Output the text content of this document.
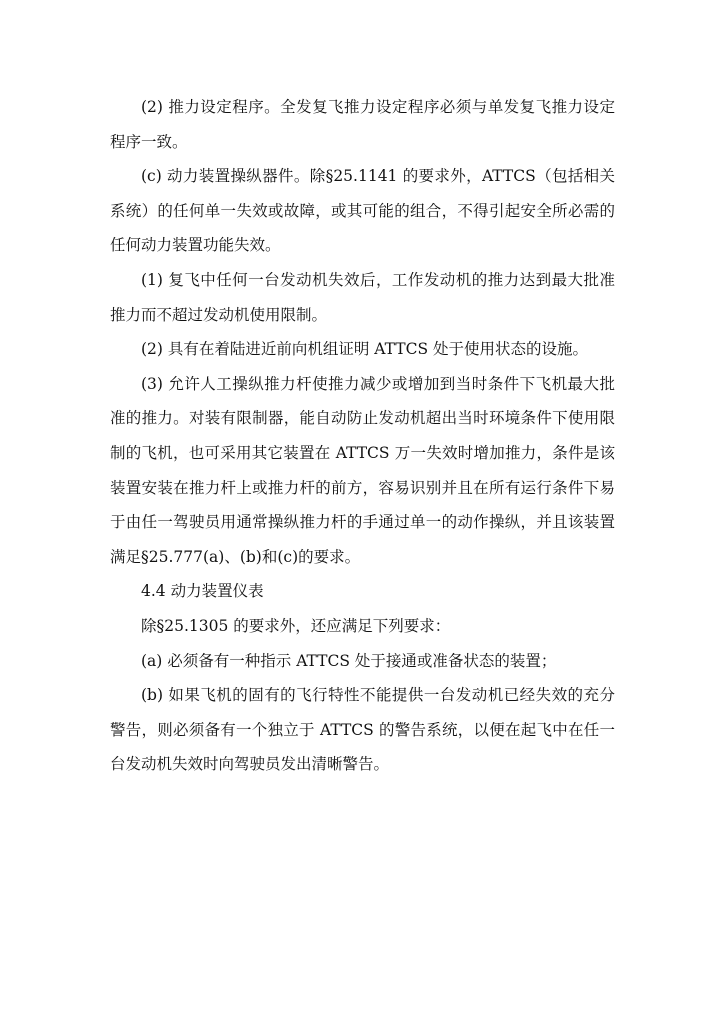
(2) 推力设定程序。全发复飞推力设定程序必须与单发复飞推力设定程序一致。

(c) 动力装置操纵器件。除§25.1141 的要求外，ATTCS（包括相关系统）的任何单一失效或故障，或其可能的组合，不得引起安全所必需的任何动力装置功能失效。

(1) 复飞中任何一台发动机失效后，工作发动机的推力达到最大批准推力而不超过发动机使用限制。

(2) 具有在着陆进近前向机组证明 ATTCS 处于使用状态的设施。

(3) 允许人工操纵推力杆使推力减少或增加到当时条件下飞机最大批准的推力。对装有限制器，能自动防止发动机超出当时环境条件下使用限制的飞机，也可采用其它装置在 ATTCS 万一失效时增加推力，条件是该装置安装在推力杆上或推力杆的前方，容易识别并且在所有运行条件下易于由任一驾驶员用通常操纵推力杆的手通过单一的动作操纵，并且该装置满足§25.777(a)、(b)和(c)的要求。

4.4 动力装置仪表

除§25.1305 的要求外，还应满足下列要求：

(a) 必须备有一种指示 ATTCS 处于接通或准备状态的装置；

(b) 如果飞机的固有的飞行特性不能提供一台发动机已经失效的充分警告，则必须备有一个独立于 ATTCS 的警告系统，以便在起飞中在任一台发动机失效时向驾驶员发出清晰警告。
